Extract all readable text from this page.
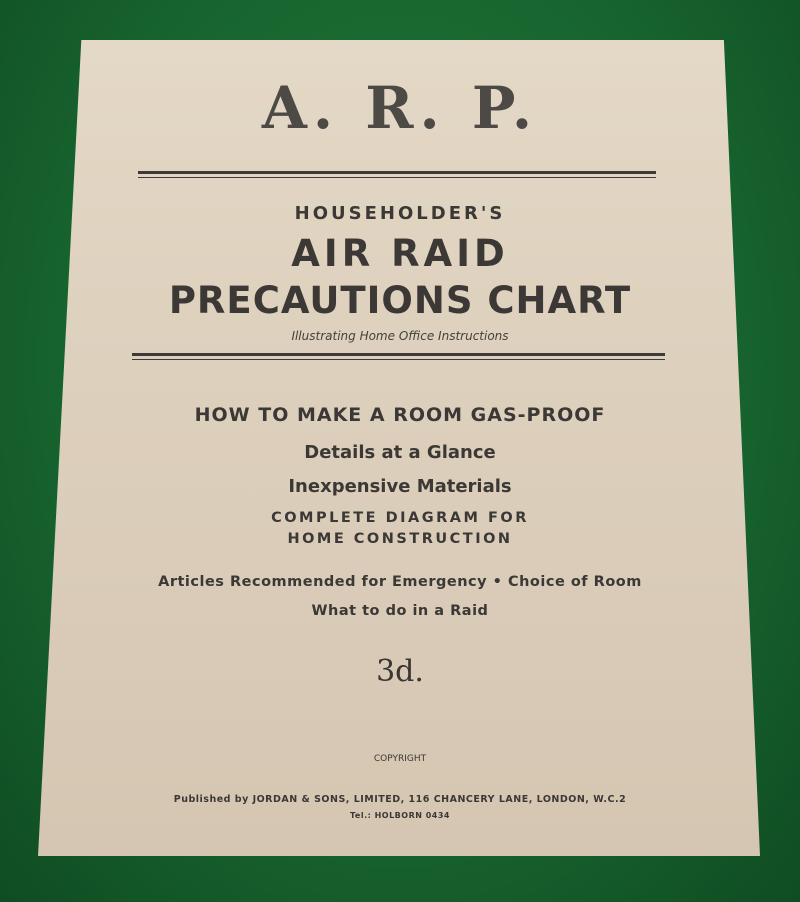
A. R. P.
HOUSEHOLDER'S
AIR RAID
PRECAUTIONS CHART
Illustrating Home Office Instructions
HOW TO MAKE A ROOM GAS-PROOF
Details at a Glance
Inexpensive Materials
COMPLETE DIAGRAM FOR
HOME CONSTRUCTION
Articles Recommended for Emergency • Choice of Room
What to do in a Raid
3d.
COPYRIGHT
Published by JORDAN & SONS, LIMITED, 116 CHANCERY LANE, LONDON, W.C.2
Tel.: HOLBORN 0434
